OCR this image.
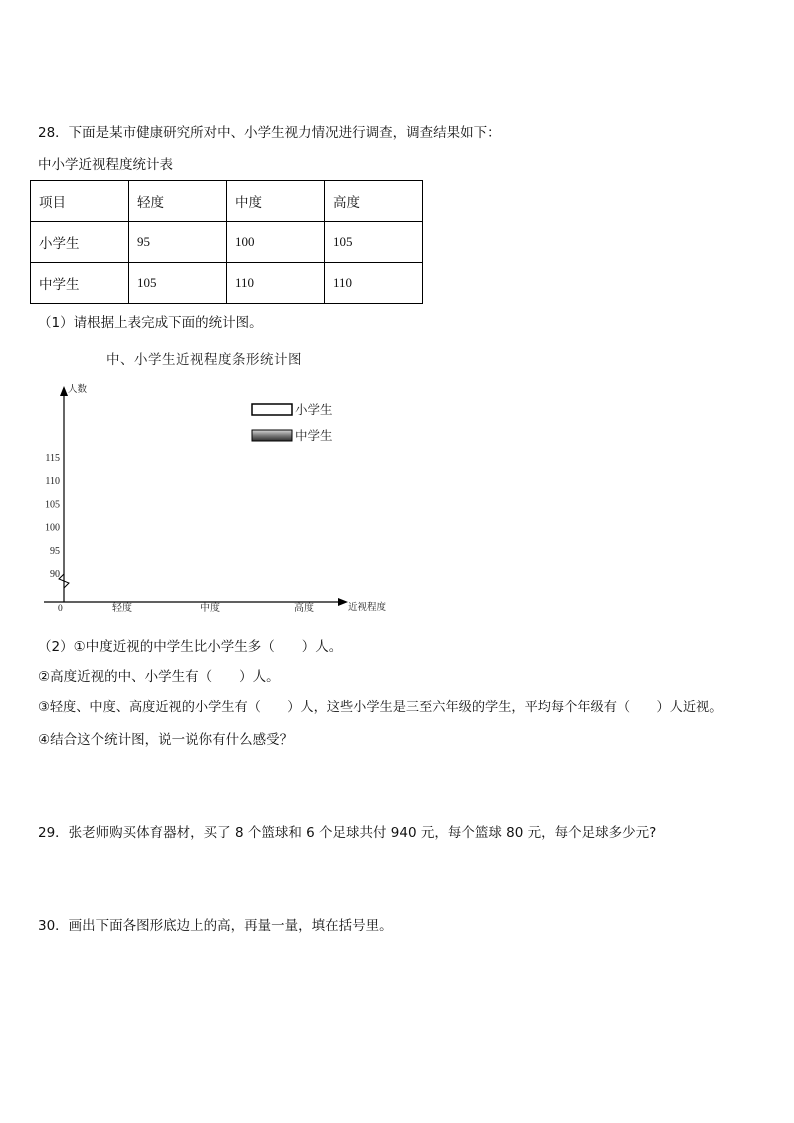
28．下面是某市健康研究所对中、小学生视力情况进行调查，调查结果如下：
中小学近视程度统计表
项目	轻度	中度	高度
小学生	95	100	105
中学生	105	110	110
（1）请根据上表完成下面的统计图。
中、小学生近视程度条形统计图
人数
近视程度
0
90
95
100
105
110
115
轻度	中度	高度
小学生
中学生
（2）①中度近视的中学生比小学生多（　　）人。
②高度近视的中、小学生有（　　）人。
③轻度、中度、高度近视的小学生有（　　）人，这些小学生是三至六年级的学生，平均每个年级有（　　）人近视。
④结合这个统计图，说一说你有什么感受？
29．张老师购买体育器材，买了 8 个篮球和 6 个足球共付 940 元，每个篮球 80 元，每个足球多少元?
30．画出下面各图形底边上的高，再量一量，填在括号里。
